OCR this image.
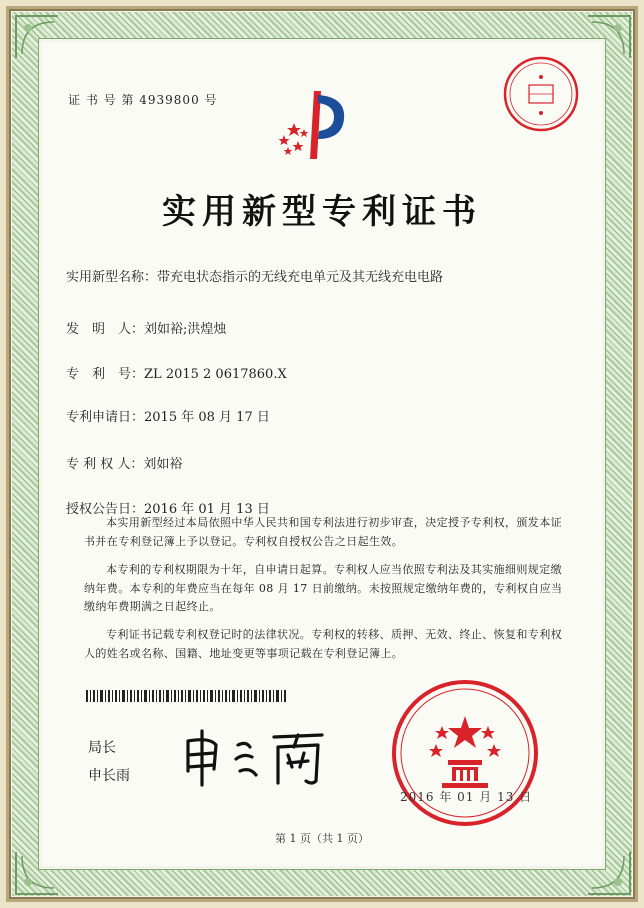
证 书 号 第 4939800 号
实用新型专利证书
实用新型名称：带充电状态指示的无线充电单元及其无线充电电路
发　明　人：刘如裕;洪煌烛
专　利　号：ZL 2015 2 0617860.X
专利申请日：2015 年 08 月 17 日
专 利 权 人：刘如裕
授权公告日：2016 年 01 月 13 日
本实用新型经过本局依照中华人民共和国专利法进行初步审查，决定授予专利权，颁发本证书并在专利登记簿上予以登记。专利权自授权公告之日起生效。
本专利的专利权期限为十年，自申请日起算。专利权人应当依照专利法及其实施细则规定缴纳年费。本专利的年费应当在每年 08 月 17 日前缴纳。未按照规定缴纳年费的，专利权自应当缴纳年费期满之日起终止。
专利证书记载专利权登记时的法律状况。专利权的转移、质押、无效、终止、恢复和专利权人的姓名或名称、国籍、地址变更等事项记载在专利登记簿上。
局长
申长雨
2016 年 01 月 13 日
第 1 页（共 1 页）
